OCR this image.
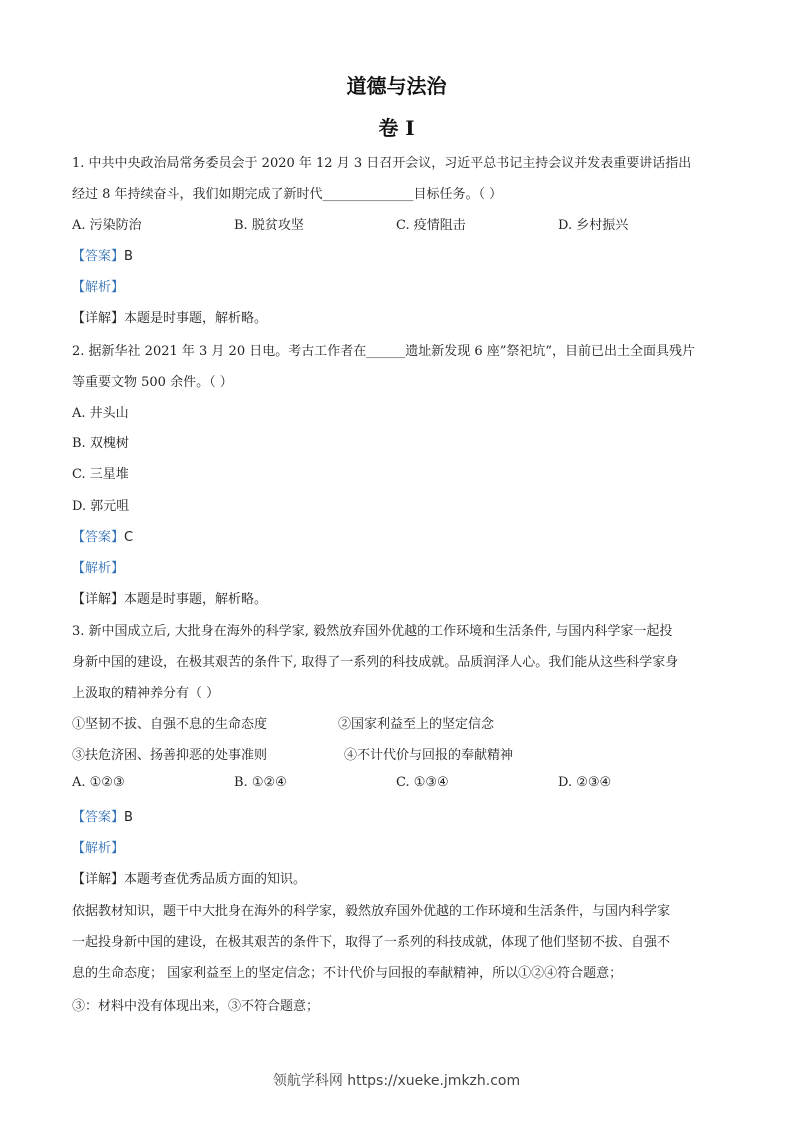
道德与法治
卷 I
1. 中共中央政治局常务委员会于 2020 年 12 月 3 日召开会议，习近平总书记主持会议并发表重要讲话指出
经过 8 年持续奋斗，我们如期完成了新时代______________目标任务。（ ）
A. 污染防治	B. 脱贫攻坚	C. 疫情阻击	D. 乡村振兴
【答案】B
【解析】
【详解】本题是时事题，解析略。
2. 据新华社 2021 年 3 月 20 日电。考古工作者在______遗址新发现 6 座”祭祀坑”，目前已出土全面具残片
等重要文物 500 余件。（ ）
A. 井头山
B. 双槐树
C. 三星堆
D. 郭元咀
【答案】C
【解析】
【详解】本题是时事题，解析略。
3. 新中国成立后, 大批身在海外的科学家, 毅然放弃国外优越的工作环境和生活条件, 与国内科学家一起投
身新中国的建设，在极其艰苦的条件下, 取得了一系列的科技成就。品质润泽人心。我们能从这些科学家身
上汲取的精神养分有（ ）
①坚韧不拔、自强不息的生命态度	②国家利益至上的坚定信念
③扶危济困、扬善抑恶的处事准则	④不计代价与回报的奉献精神
A. ①②③	B. ①②④	C. ①③④	D. ②③④
【答案】B
【解析】
【详解】本题考查优秀品质方面的知识。
依据教材知识，题干中大批身在海外的科学家，毅然放弃国外优越的工作环境和生活条件，与国内科学家
一起投身新中国的建设，在极其艰苦的条件下，取得了一系列的科技成就，体现了他们坚韧不拔、自强不
息的生命态度； 国家利益至上的坚定信念；不计代价与回报的奉献精神，所以①②④符合题意；
③：材料中没有体现出来，③不符合题意；
领航学科网 https://xueke.jmkzh.com
